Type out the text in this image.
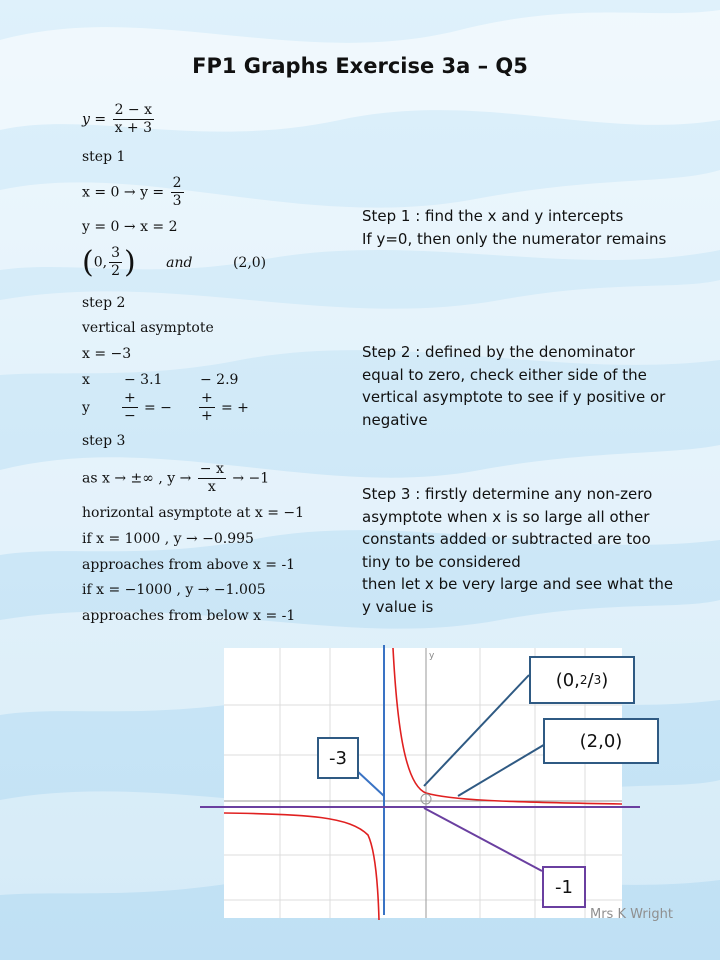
FP1 Graphs Exercise 3a – Q5
$y = \frac{2 - x}{x + 3}$
step 1
$x = 0 \to y = \frac{2}{3}$
y = 0 → x = 2
(0, $\frac{3}{2}$ ) and	(2,0)
step 2
vertical asymptote
x = −3
x − 3.1	− 2.9
y
+
− = −
+
+ = +
step 3
as x → ±∞ , $y \to \frac{- x}{x} \to -1$
horizontal asymptote at x = −1
if x = 1000 , y → −0.995
approaches from above x = -1
if x = −1000 , y → −1.005
approaches from below x = -1
Step 1 : find the x and y intercepts
If y=0, then only the numerator remains
Step 2 : defined by the denominator equal to zero, check either side of the vertical asymptote to see if y positive or negative
Step 3 : firstly determine any non-zero asymptote when x is so large all other constants added or subtracted are too tiny to be considered
then let x be very large and see what the y value is
y
(0, 2 / 3 )
(2,0)
-3
-1
Mrs K Wright
